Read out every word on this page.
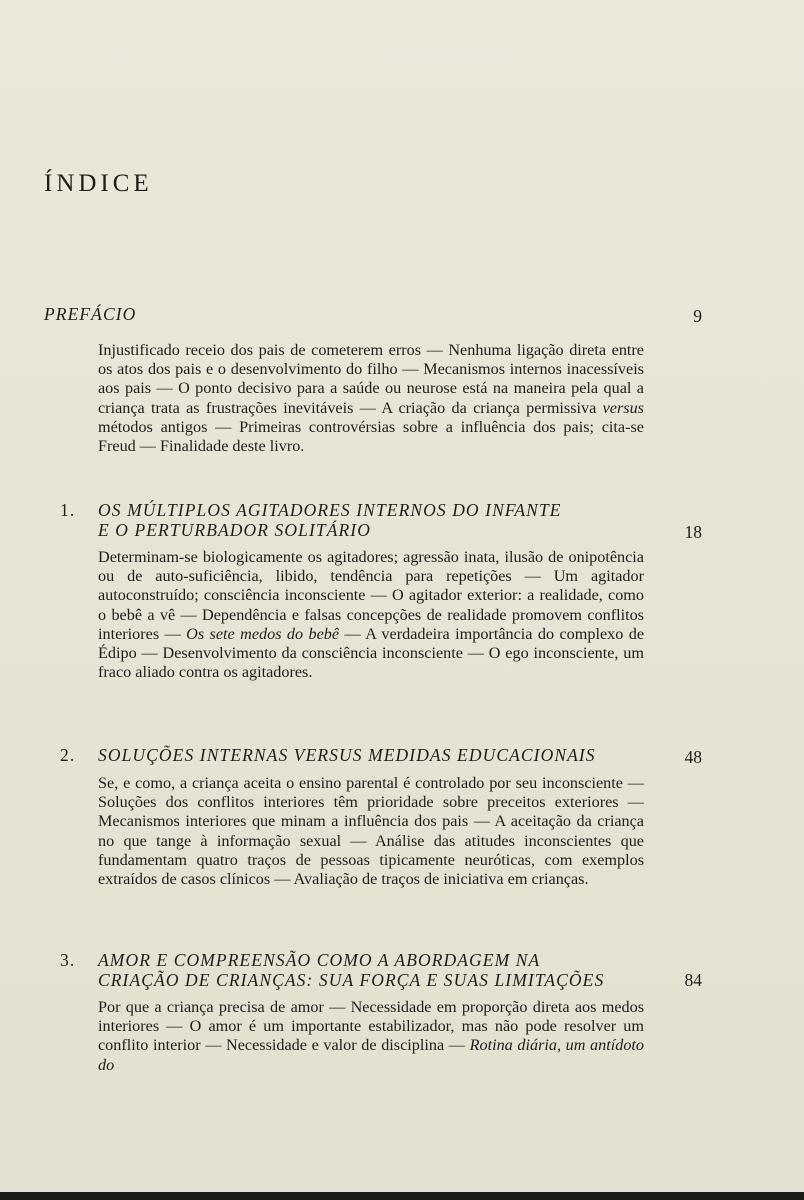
ÍNDICE
PREFÁCIO	9
Injustificado receio dos pais de cometerem erros — Nenhuma ligação direta entre os atos dos pais e o desenvolvimento do filho — Mecanismos internos inacessíveis aos pais — O ponto decisivo para a saúde ou neurose está na maneira pela qual a criança trata as frustrações inevitáveis — A criação da criança permissiva versus métodos antigos — Primeiras controvérsias sobre a influência dos pais; cita-se Freud — Finalidade deste livro.
1. OS MÚLTIPLOS AGITADORES INTERNOS DO INFANTE
E O PERTURBADOR SOLITÁRIO	18
Determinam-se biologicamente os agitadores; agressão inata, ilusão de onipotência ou de auto-suficiência, libido, tendência para repetições — Um agitador autoconstruído; consciência inconsciente — O agitador exterior: a realidade, como o bebê a vê — Dependência e falsas concepções de realidade promovem conflitos interiores — Os sete medos do bebê — A verdadeira importância do complexo de Édipo — Desenvolvimento da consciência inconsciente — O ego inconsciente, um fraco aliado contra os agitadores.
2. SOLUÇÕES INTERNAS VERSUS MEDIDAS EDUCACIONAIS	48
Se, e como, a criança aceita o ensino parental é controlado por seu inconsciente — Soluções dos conflitos interiores têm prioridade sobre preceitos exteriores — Mecanismos interiores que minam a influência dos pais — A aceitação da criança no que tange à informação sexual — Análise das atitudes inconscientes que fundamentam quatro traços de pessoas tipicamente neuróticas, com exemplos extraídos de casos clínicos — Avaliação de traços de iniciativa em crianças.
3. AMOR E COMPREENSÃO COMO A ABORDAGEM NA
CRIAÇÃO DE CRIANÇAS: SUA FORÇA E SUAS LIMITAÇÕES	84
Por que a criança precisa de amor — Necessidade em proporção direta aos medos interiores — O amor é um importante estabilizador, mas não pode resolver um conflito interior — Necessidade e valor de disciplina — Rotina diária, um antídoto do
